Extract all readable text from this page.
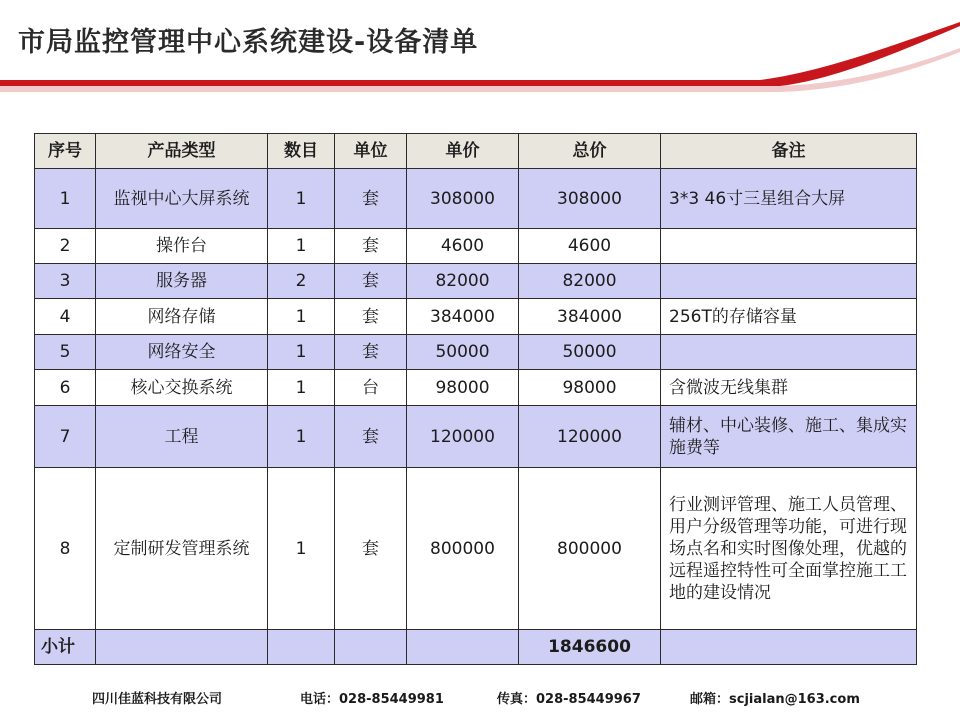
市局监控管理中心系统建设-设备清单
序号	产品类型	数目	单位	单价	总价	备注
1	监视中心大屏系统	1	套	308000	308000	3*3 46寸三星组合大屏
2	操作台	1	套	4600	4600	
3	服务器	2	套	82000	82000	
4	网络存储	1	套	384000	384000	256T的存储容量
5	网络安全	1	套	50000	50000	
6	核心交换系统	1	台	98000	98000	含微波无线集群
7	工程	1	套	120000	120000	辅材、中心装修、施工、集成实施费等
8	定制研发管理系统	1	套	800000	800000	行业测评管理、施工人员管理、用户分级管理等功能，可进行现场点名和实时图像处理，优越的远程遥控特性可全面掌控施工工地的建设情况
小计					1846600	
四川佳蓝科技有限公司	电话：028-85449981	传真：028-85449967	邮箱：scjialan@163.com
